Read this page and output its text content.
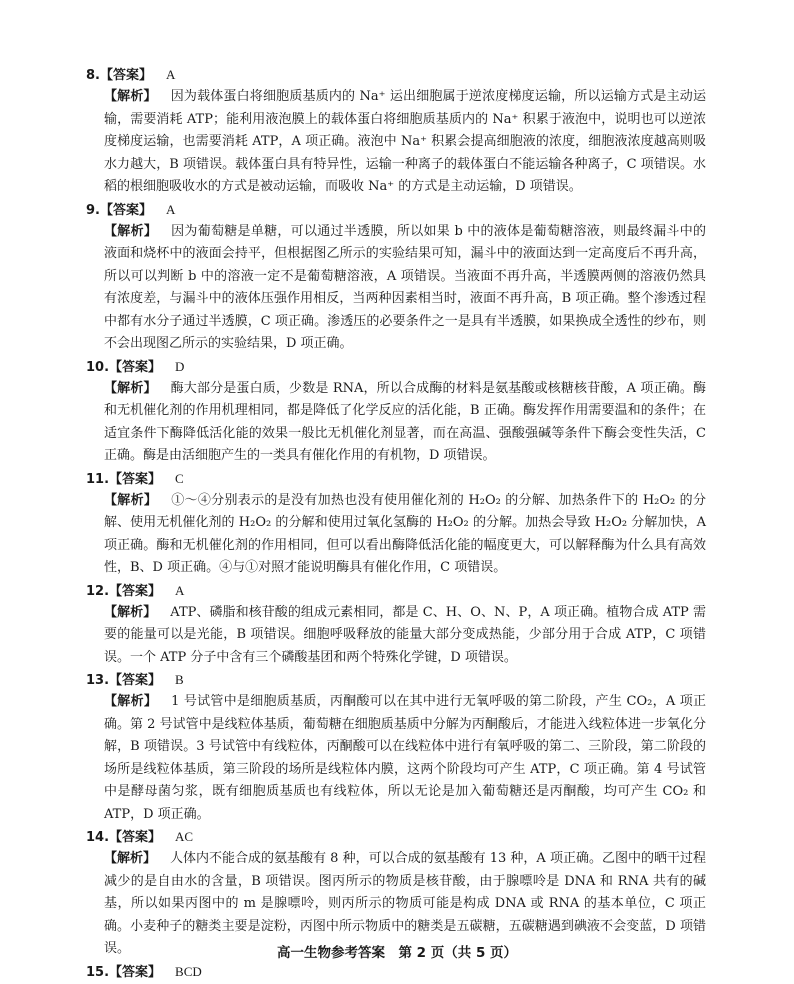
8.【答案】 A
【解析】 因为载体蛋白将细胞质基质内的 Na⁺ 运出细胞属于逆浓度梯度运输，所以运输方式是主动运输，需要消耗 ATP；能利用液泡膜上的载体蛋白将细胞质基质内的 Na⁺ 积累于液泡中，说明也可以逆浓度梯度运输，也需要消耗 ATP，A 项正确。液泡中 Na⁺ 积累会提高细胞液的浓度，细胞液浓度越高则吸水力越大，B 项错误。载体蛋白具有特异性，运输一种离子的载体蛋白不能运输各种离子，C 项错误。水稻的根细胞吸收水的方式是被动运输，而吸收 Na⁺ 的方式是主动运输，D 项错误。
9.【答案】 A
【解析】 因为葡萄糖是单糖，可以通过半透膜，所以如果 b 中的液体是葡萄糖溶液，则最终漏斗中的液面和烧杯中的液面会持平，但根据图乙所示的实验结果可知，漏斗中的液面达到一定高度后不再升高，所以可以判断 b 中的溶液一定不是葡萄糖溶液，A 项错误。当液面不再升高，半透膜两侧的溶液仍然具有浓度差，与漏斗中的液体压强作用相反，当两种因素相当时，液面不再升高，B 项正确。整个渗透过程中都有水分子通过半透膜，C 项正确。渗透压的必要条件之一是具有半透膜，如果换成全透性的纱布，则不会出现图乙所示的实验结果，D 项正确。
10.【答案】 D
【解析】 酶大部分是蛋白质，少数是 RNA，所以合成酶的材料是氨基酸或核糖核苷酸，A 项正确。酶和无机催化剂的作用机理相同，都是降低了化学反应的活化能，B 正确。酶发挥作用需要温和的条件；在适宜条件下酶降低活化能的效果一般比无机催化剂显著，而在高温、强酸强碱等条件下酶会变性失活，C 正确。酶是由活细胞产生的一类具有催化作用的有机物，D 项错误。
11.【答案】 C
【解析】 ①～④分别表示的是没有加热也没有使用催化剂的 H₂O₂ 的分解、加热条件下的 H₂O₂ 的分解、使用无机催化剂的 H₂O₂ 的分解和使用过氧化氢酶的 H₂O₂ 的分解。加热会导致 H₂O₂ 分解加快，A 项正确。酶和无机催化剂的作用相同，但可以看出酶降低活化能的幅度更大，可以解释酶为什么具有高效性，B、D 项正确。④与①对照才能说明酶具有催化作用，C 项错误。
12.【答案】 A
【解析】 ATP、磷脂和核苷酸的组成元素相同，都是 C、H、O、N、P，A 项正确。植物合成 ATP 需要的能量可以是光能，B 项错误。细胞呼吸释放的能量大部分变成热能，少部分用于合成 ATP，C 项错误。一个 ATP 分子中含有三个磷酸基团和两个特殊化学键，D 项错误。
13.【答案】 B
【解析】 1 号试管中是细胞质基质，丙酮酸可以在其中进行无氧呼吸的第二阶段，产生 CO₂，A 项正确。第 2 号试管中是线粒体基质，葡萄糖在细胞质基质中分解为丙酮酸后，才能进入线粒体进一步氧化分解，B 项错误。3 号试管中有线粒体，丙酮酸可以在线粒体中进行有氧呼吸的第二、三阶段，第二阶段的场所是线粒体基质，第三阶段的场所是线粒体内膜，这两个阶段均可产生 ATP，C 项正确。第 4 号试管中是酵母菌匀浆，既有细胞质基质也有线粒体，所以无论是加入葡萄糖还是丙酮酸，均可产生 CO₂ 和 ATP，D 项正确。
14.【答案】 AC
【解析】 人体内不能合成的氨基酸有 8 种，可以合成的氨基酸有 13 种，A 项正确。乙图中的晒干过程减少的是自由水的含量，B 项错误。图丙所示的物质是核苷酸，由于腺嘌呤是 DNA 和 RNA 共有的碱基，所以如果丙图中的 m 是腺嘌呤，则丙所示的物质可能是构成 DNA 或 RNA 的基本单位，C 项正确。小麦种子的糖类主要是淀粉，丙图中所示物质中的糖类是五碳糖，五碳糖遇到碘液不会变蓝，D 项错误。
15.【答案】 BCD
高一生物参考答案　第 2 页（共 5 页）
